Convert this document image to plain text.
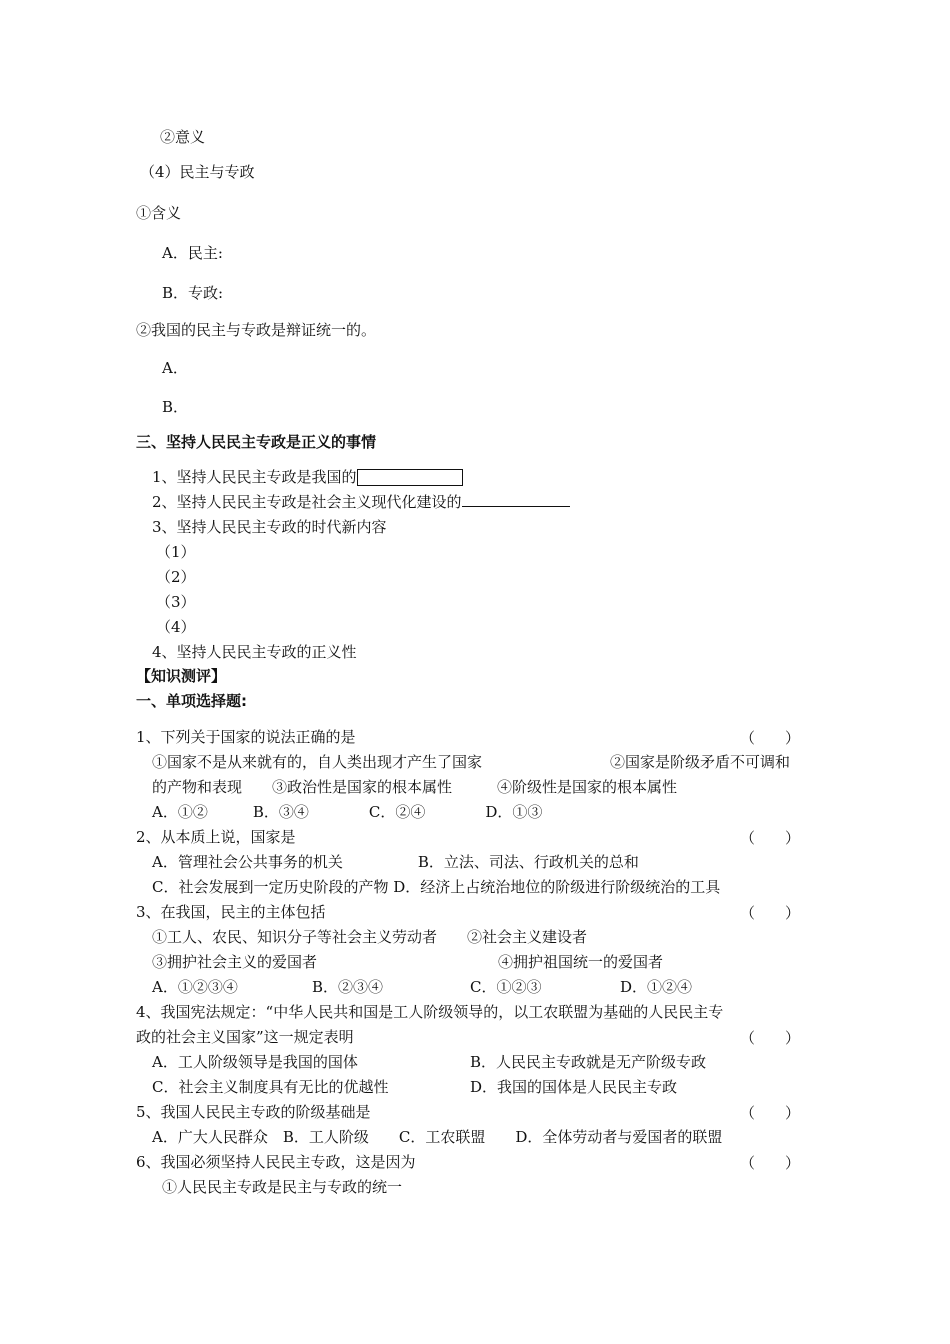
②意义
（4）民主与专政
①含义
A．民主:
B．专政:
②我国的民主与专政是辩证统一的。
A．
B．
三、坚持人民民主专政是正义的事情
1、坚持人民民主专政是我国的
2、坚持人民民主专政是社会主义现代化建设的
3、坚持人民民主专政的时代新内容
（1）
（2）
（3）
（4）
4、坚持人民民主专政的正义性
【知识测评】
一、单项选择题:
1、下列关于国家的说法正确的是	（　　）
①国家不是从来就有的，自人类出现才产生了国家	②国家是阶级矛盾不可调和
的产物和表现　　③政治性是国家的根本属性　　　④阶级性是国家的根本属性
A．①②　　　B．③④　　　　C．②④　　　　D．①③
2、从本质上说，国家是	（　　）
A．管理社会公共事务的机关　　　　　B．立法、司法、行政机关的总和
C．社会发展到一定历史阶段的产物 D．经济上占统治地位的阶级进行阶级统治的工具
3、在我国，民主的主体包括	（　　）
①工人、农民、知识分子等社会主义劳动者　　②社会主义建设者
③拥护社会主义的爱国者	④拥护祖国统一的爱国者
A．①②③④	B．②③④	C．①②③	D．①②④
4、我国宪法规定：“中华人民共和国是工人阶级领导的，以工农联盟为基础的人民民主专
政的社会主义国家”这一规定表明	（　　）
A．工人阶级领导是我国的国体	B．人民民主专政就是无产阶级专政
C．社会主义制度具有无比的优越性	D．我国的国体是人民民主专政
5、我国人民民主专政的阶级基础是	（　　）
A．广大人民群众　B．工人阶级　　C．工农联盟　　D．全体劳动者与爱国者的联盟
6、我国必须坚持人民民主专政，这是因为	（　　）
①人民民主专政是民主与专政的统一
